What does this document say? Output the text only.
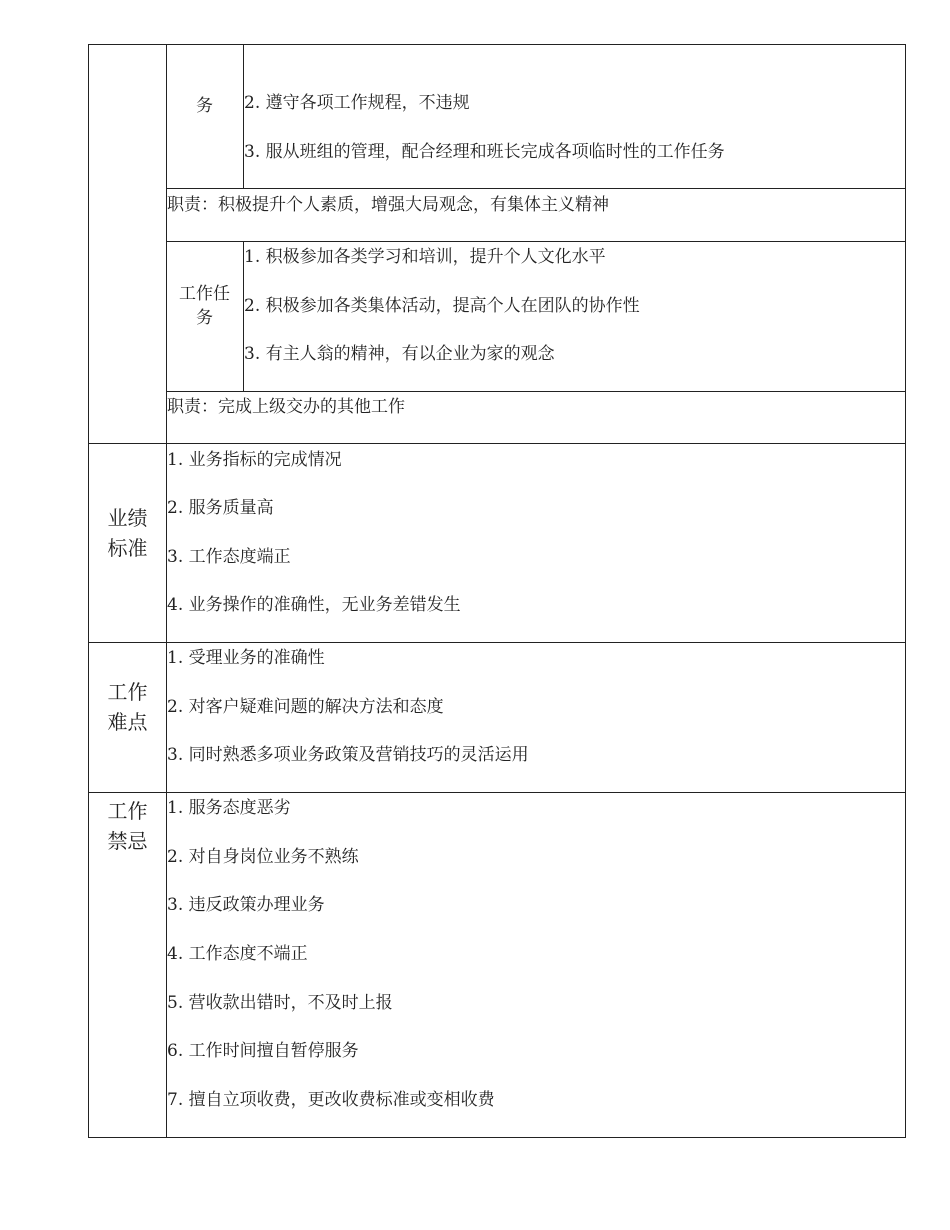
务	2. 遵守各项工作规程，不违规
3. 服从班组的管理，配合经理和班长完成各项临时性的工作任务
职责：积极提升个人素质，增强大局观念，有集体主义精神
工作任
务
1. 积极参加各类学习和培训，提升个人文化水平
2. 积极参加各类集体活动，提高个人在团队的协作性
3. 有主人翁的精神，有以企业为家的观念
职责：完成上级交办的其他工作
业绩
标准
1. 业务指标的完成情况
2. 服务质量高
3. 工作态度端正
4. 业务操作的准确性，无业务差错发生
工作
难点
1. 受理业务的准确性
2. 对客户疑难问题的解决方法和态度
3. 同时熟悉多项业务政策及营销技巧的灵活运用
工作
禁忌
1. 服务态度恶劣
2. 对自身岗位业务不熟练
3. 违反政策办理业务
4. 工作态度不端正
5. 营收款出错时，不及时上报
6. 工作时间擅自暂停服务
7. 擅自立项收费，更改收费标准或变相收费
